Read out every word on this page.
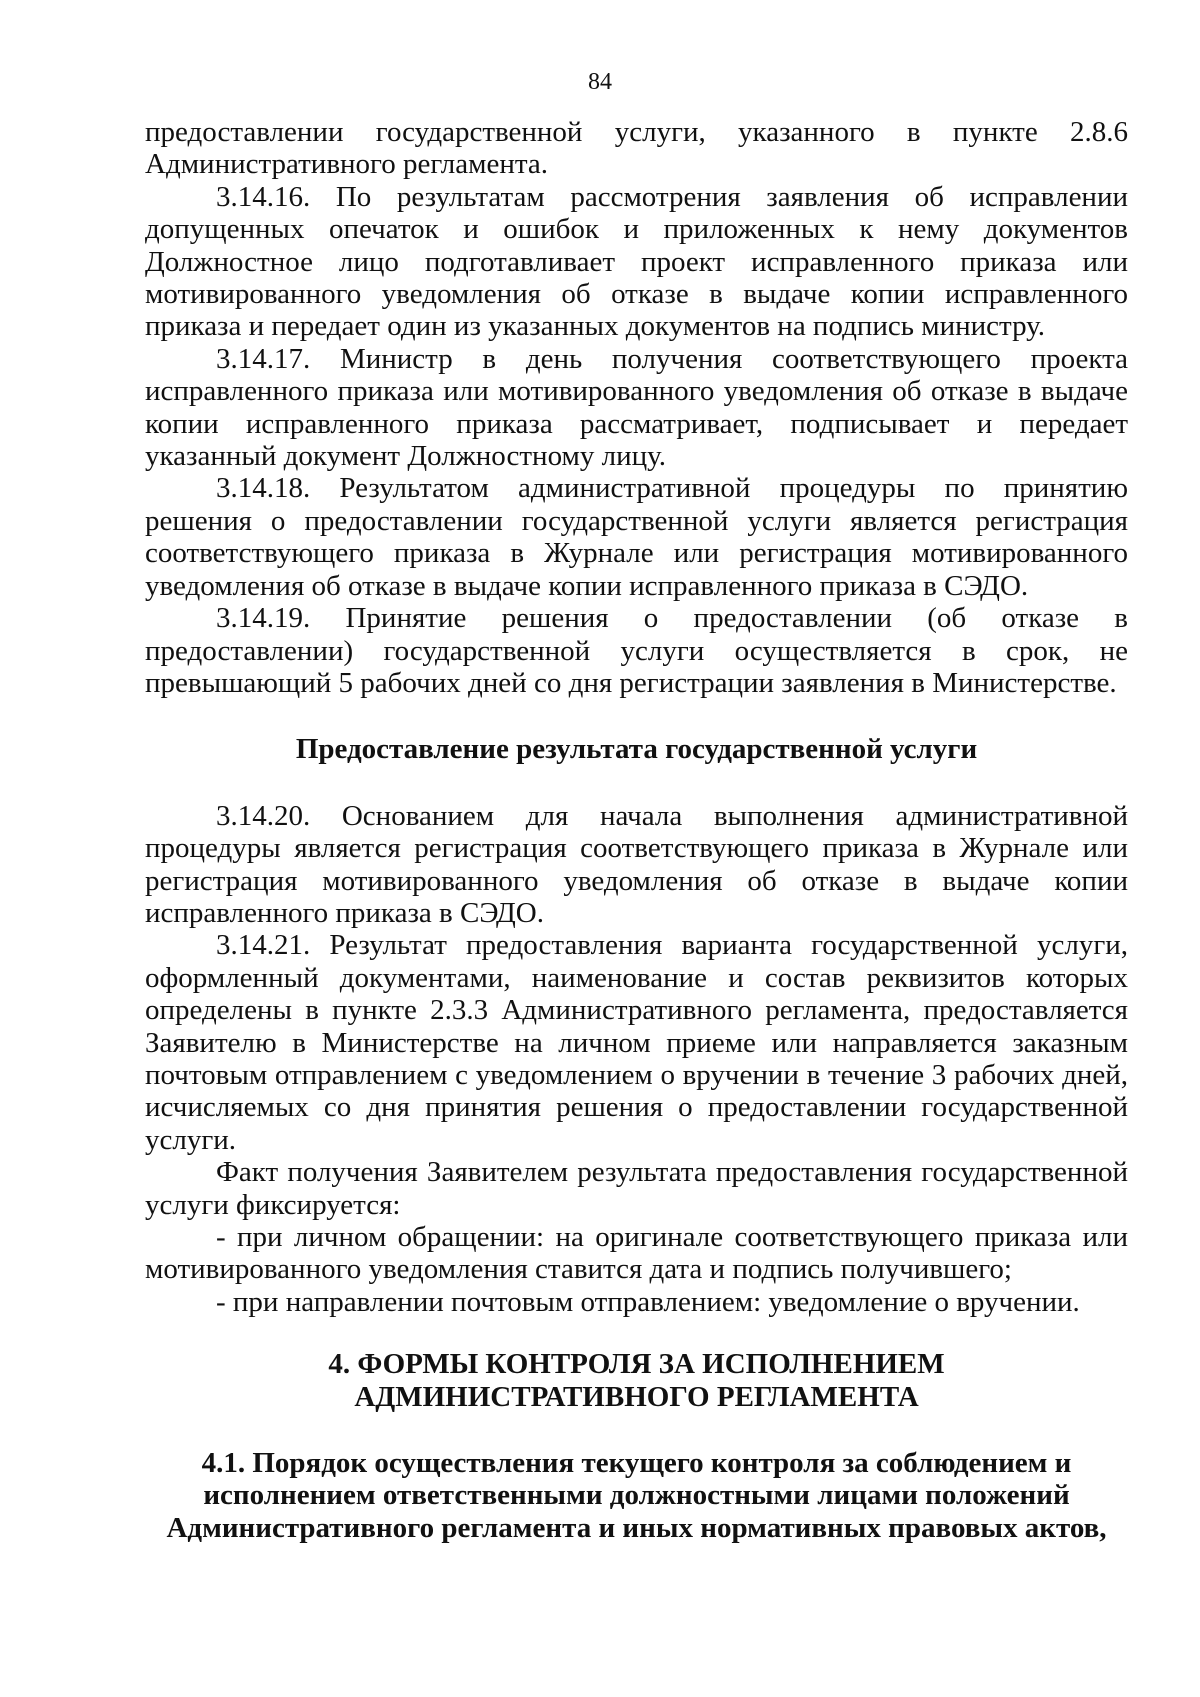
84

предоставлении государственной услуги, указанного в пункте 2.8.6 Административного регламента.

3.14.16. По результатам рассмотрения заявления об исправлении допущенных опечаток и ошибок и приложенных к нему документов Должностное лицо подготавливает проект исправленного приказа или мотивированного уведомления об отказе в выдаче копии исправленного приказа и передает один из указанных документов на подпись министру.

3.14.17. Министр в день получения соответствующего проекта исправленного приказа или мотивированного уведомления об отказе в выдаче копии исправленного приказа рассматривает, подписывает и передает указанный документ Должностному лицу.

3.14.18. Результатом административной процедуры по принятию решения о предоставлении государственной услуги является регистрация соответствующего приказа в Журнале или регистрация мотивированного уведомления об отказе в выдаче копии исправленного приказа в СЭДО.

3.14.19. Принятие решения о предоставлении (об отказе в предоставлении) государственной услуги осуществляется в срок, не превышающий 5 рабочих дней со дня регистрации заявления в Министерстве.

Предоставление результата государственной услуги

3.14.20. Основанием для начала выполнения административной процедуры является регистрация соответствующего приказа в Журнале или регистрация мотивированного уведомления об отказе в выдаче копии исправленного приказа в СЭДО.

3.14.21. Результат предоставления варианта государственной услуги, оформленный документами, наименование и состав реквизитов которых определены в пункте 2.3.3 Административного регламента, предоставляется Заявителю в Министерстве на личном приеме или направляется заказным почтовым отправлением с уведомлением о вручении в течение 3 рабочих дней, исчисляемых со дня принятия решения о предоставлении государственной услуги.

Факт получения Заявителем результата предоставления государственной услуги фиксируется:

- при личном обращении: на оригинале соответствующего приказа или мотивированного уведомления ставится дата и подпись получившего;

- при направлении почтовым отправлением: уведомление о вручении.

4. ФОРМЫ КОНТРОЛЯ ЗА ИСПОЛНЕНИЕМ
АДМИНИСТРАТИВНОГО РЕГЛАМЕНТА
4.1. Порядок осуществления текущего контроля за соблюдением и
исполнением ответственными должностными лицами положений
Административного регламента и иных нормативных правовых актов,
